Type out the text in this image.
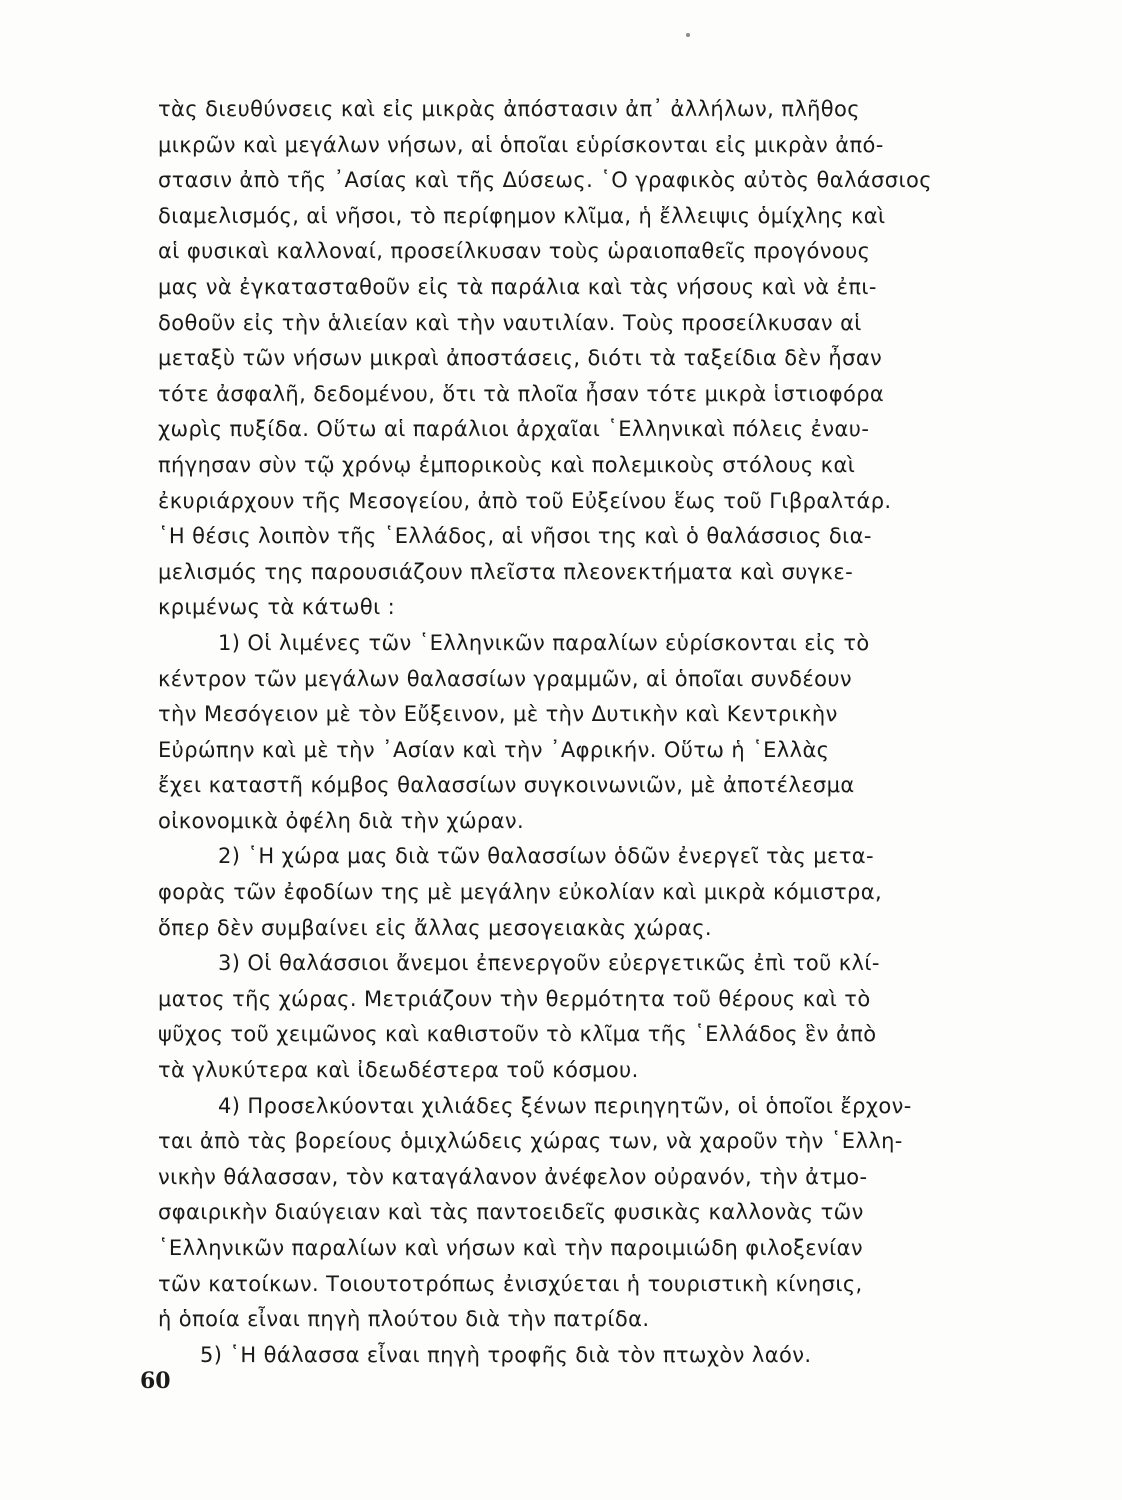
τὰς διευθύνσεις καὶ εἰς μικρὰς ἀπόστασιν ἀπ᾽ ἀλλήλων, πλῆθος
μικρῶν καὶ μεγάλων νήσων, αἱ ὁποῖαι εὑρίσκονται εἰς μικρὰν ἀπό-
στασιν ἀπὸ τῆς ᾿Ασίας καὶ τῆς Δύσεως. ῾Ο γραφικὸς αὐτὸς θαλάσσιος
διαμελισμός, αἱ νῆσοι, τὸ περίφημον κλῖμα, ἡ ἔλλειψις ὁμίχλης καὶ
αἱ φυσικαὶ καλλοναί, προσείλκυσαν τοὺς ὡραιοπαθεῖς προγόνους
μας νὰ ἐγκατασταθοῦν εἰς τὰ παράλια καὶ τὰς νήσους καὶ νὰ ἐπι-
δοθοῦν εἰς τὴν ἁλιείαν καὶ τὴν ναυτιλίαν. Τοὺς προσείλκυσαν αἱ
μεταξὺ τῶν νήσων μικραὶ ἀποστάσεις, διότι τὰ ταξείδια δὲν ἦσαν
τότε ἀσφαλῆ, δεδομένου, ὅτι τὰ πλοῖα ἦσαν τότε μικρὰ ἱστιοφόρα
χωρὶς πυξίδα. Οὕτω αἱ παράλιοι ἀρχαῖαι ῾Ελληνικαὶ πόλεις ἐναυ-
πήγησαν σὺν τῷ χρόνῳ ἐμπορικοὺς καὶ πολεμικοὺς στόλους καὶ
ἐκυριάρχουν τῆς Μεσογείου, ἀπὸ τοῦ Εὐξείνου ἕως τοῦ Γιβραλτάρ.
῾Η θέσις λοιπὸν τῆς ῾Ελλάδος, αἱ νῆσοι της καὶ ὁ θαλάσσιος δια-
μελισμός της παρουσιάζουν πλεῖστα πλεονεκτήματα καὶ συγκε-
κριμένως τὰ κάτωθι :
1) Οἱ λιμένες τῶν ῾Ελληνικῶν παραλίων εὑρίσκονται εἰς τὸ
κέντρον τῶν μεγάλων θαλασσίων γραμμῶν, αἱ ὁποῖαι συνδέουν
τὴν Μεσόγειον μὲ τὸν Εὔξεινον, μὲ τὴν Δυτικὴν καὶ Κεντρικὴν
Εὐρώπην καὶ μὲ τὴν ᾿Ασίαν καὶ τὴν ᾿Αφρικήν. Οὕτω ἡ ῾Ελλὰς
ἔχει καταστῆ κόμβος θαλασσίων συγκοινωνιῶν, μὲ ἀποτέλεσμα
οἰκονομικὰ ὀφέλη διὰ τὴν χώραν.
2) ῾Η χώρα μας διὰ τῶν θαλασσίων ὁδῶν ἐνεργεῖ τὰς μετα-
φορὰς τῶν ἐφοδίων της μὲ μεγάλην εὐκολίαν καὶ μικρὰ κόμιστρα,
ὅπερ δὲν συμβαίνει εἰς ἄλλας μεσογειακὰς χώρας.
3) Οἱ θαλάσσιοι ἄνεμοι ἐπενεργοῦν εὐεργετικῶς ἐπὶ τοῦ κλί-
ματος τῆς χώρας. Μετριάζουν τὴν θερμότητα τοῦ θέρους καὶ τὸ
ψῦχος τοῦ χειμῶνος καὶ καθιστοῦν τὸ κλῖμα τῆς ῾Ελλάδος ἓν ἀπὸ
τὰ γλυκύτερα καὶ ἰδεωδέστερα τοῦ κόσμου.
4) Προσελκύονται χιλιάδες ξένων περιηγητῶν, οἱ ὁποῖοι ἔρχον-
ται ἀπὸ τὰς βορείους ὁμιχλώδεις χώρας των, νὰ χαροῦν τὴν ῾Ελλη-
νικὴν θάλασσαν, τὸν καταγάλανον ἀνέφελον οὐρανόν, τὴν ἀτμο-
σφαιρικὴν διαύγειαν καὶ τὰς παντοειδεῖς φυσικὰς καλλονὰς τῶν
῾Ελληνικῶν παραλίων καὶ νήσων καὶ τὴν παροιμιώδη φιλοξενίαν
τῶν κατοίκων. Τοιουτοτρόπως ἐνισχύεται ἡ τουριστικὴ κίνησις,
ἡ ὁποία εἶναι πηγὴ πλούτου διὰ τὴν πατρίδα.
5) ῾Η θάλασσα εἶναι πηγὴ τροφῆς διὰ τὸν πτωχὸν λαόν.
60
